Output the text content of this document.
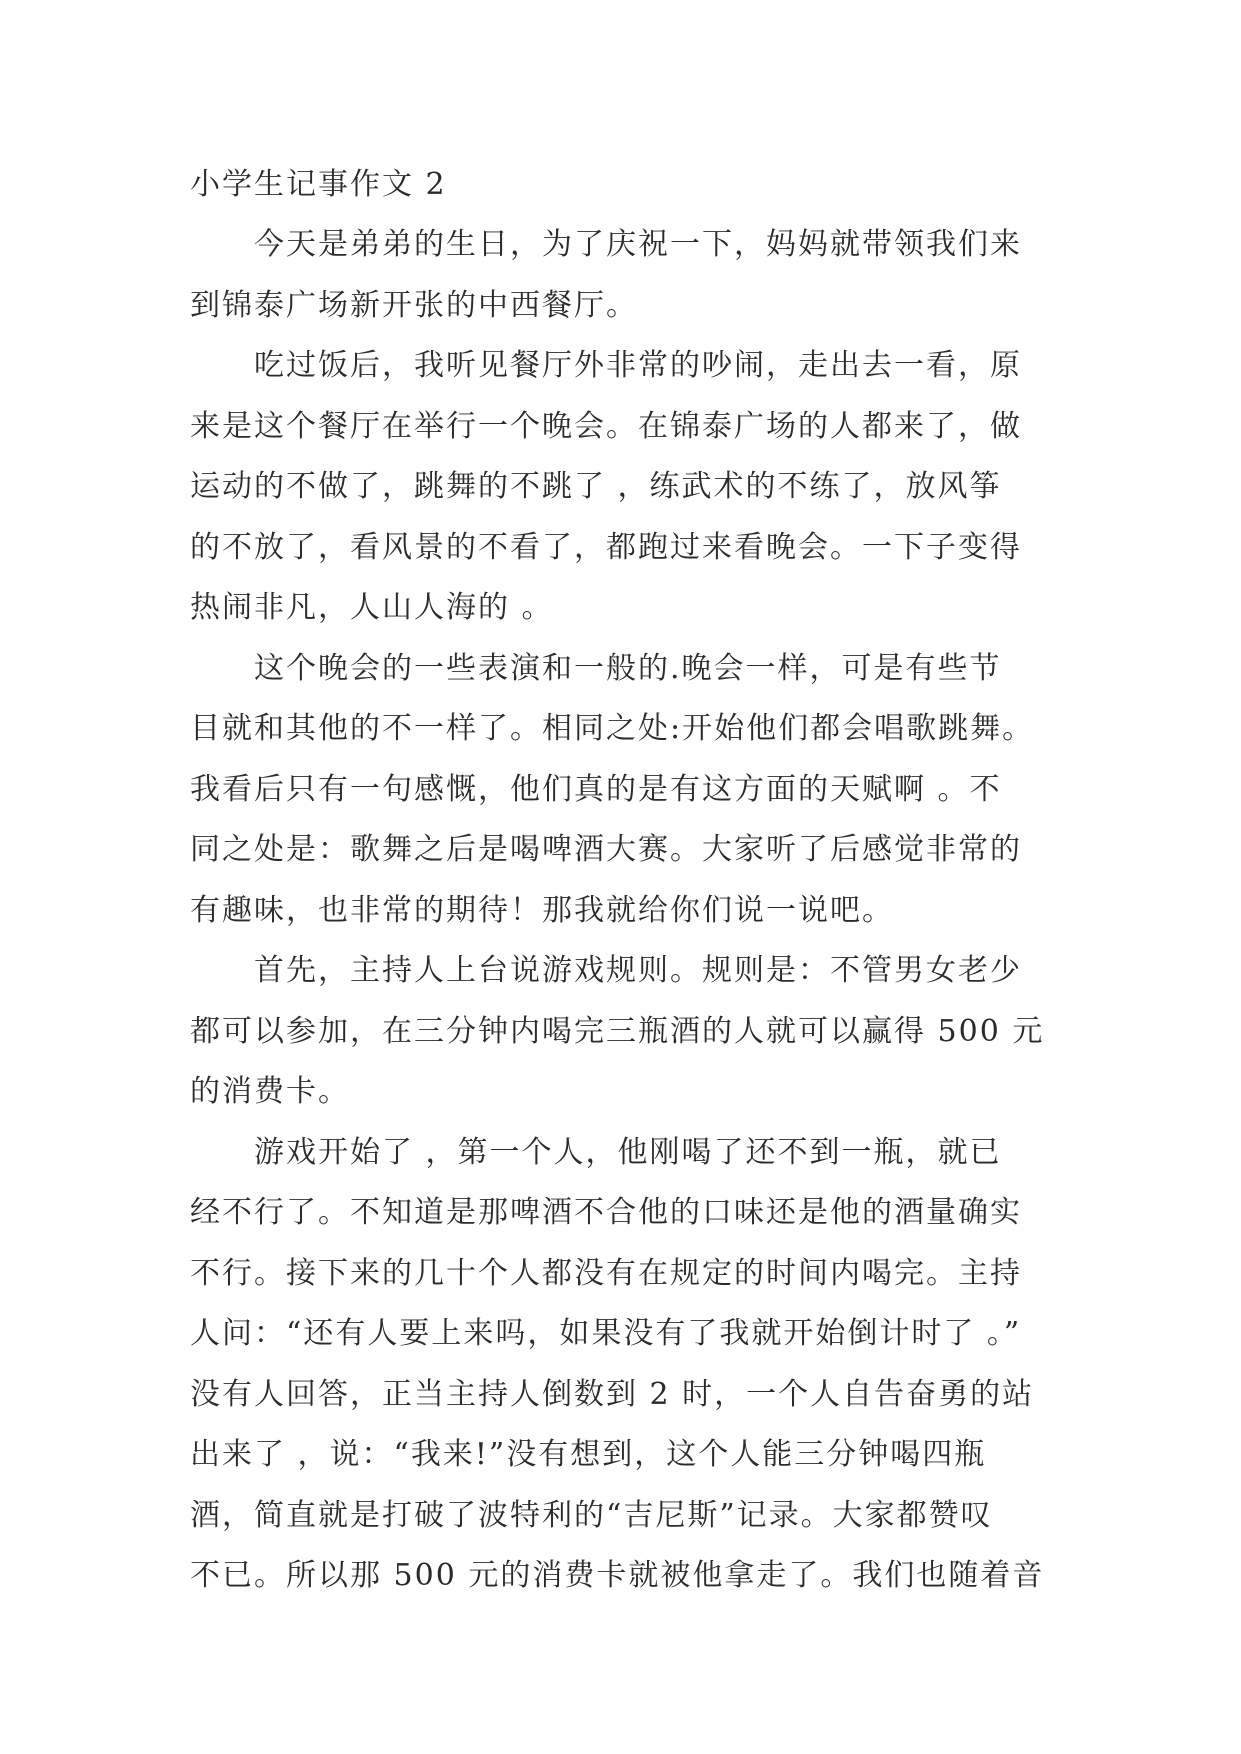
小学生记事作文 2
今天是弟弟的生日，为了庆祝一下，妈妈就带领我们来
到锦泰广场新开张的中西餐厅。
吃过饭后，我听见餐厅外非常的吵闹，走出去一看，原
来是这个餐厅在举行一个晚会。在锦泰广场的人都来了，做
运动的不做了，跳舞的不跳了 ，练武术的不练了，放风筝
的不放了，看风景的不看了，都跑过来看晚会。一下子变得
热闹非凡，人山人海的 。
这个晚会的一些表演和一般的.晚会一样，可是有些节
目就和其他的不一样了。相同之处:开始他们都会唱歌跳舞。
我看后只有一句感慨，他们真的是有这方面的天赋啊 。不
同之处是：歌舞之后是喝啤酒大赛。大家听了后感觉非常的
有趣味，也非常的期待！那我就给你们说一说吧。
首先，主持人上台说游戏规则。规则是：不管男女老少
都可以参加，在三分钟内喝完三瓶酒的人就可以赢得 500 元
的消费卡。
游戏开始了 ，第一个人，他刚喝了还不到一瓶，就已
经不行了。不知道是那啤酒不合他的口味还是他的酒量确实
不行。接下来的几十个人都没有在规定的时间内喝完。主持
人问：“还有人要上来吗，如果没有了我就开始倒计时了 。”
没有人回答，正当主持人倒数到 2 时，一个人自告奋勇的站
出来了 ，说：“我来!”没有想到，这个人能三分钟喝四瓶
酒，简直就是打破了波特利的“吉尼斯”记录。大家都赞叹
不已。所以那 500 元的消费卡就被他拿走了。我们也随着音
